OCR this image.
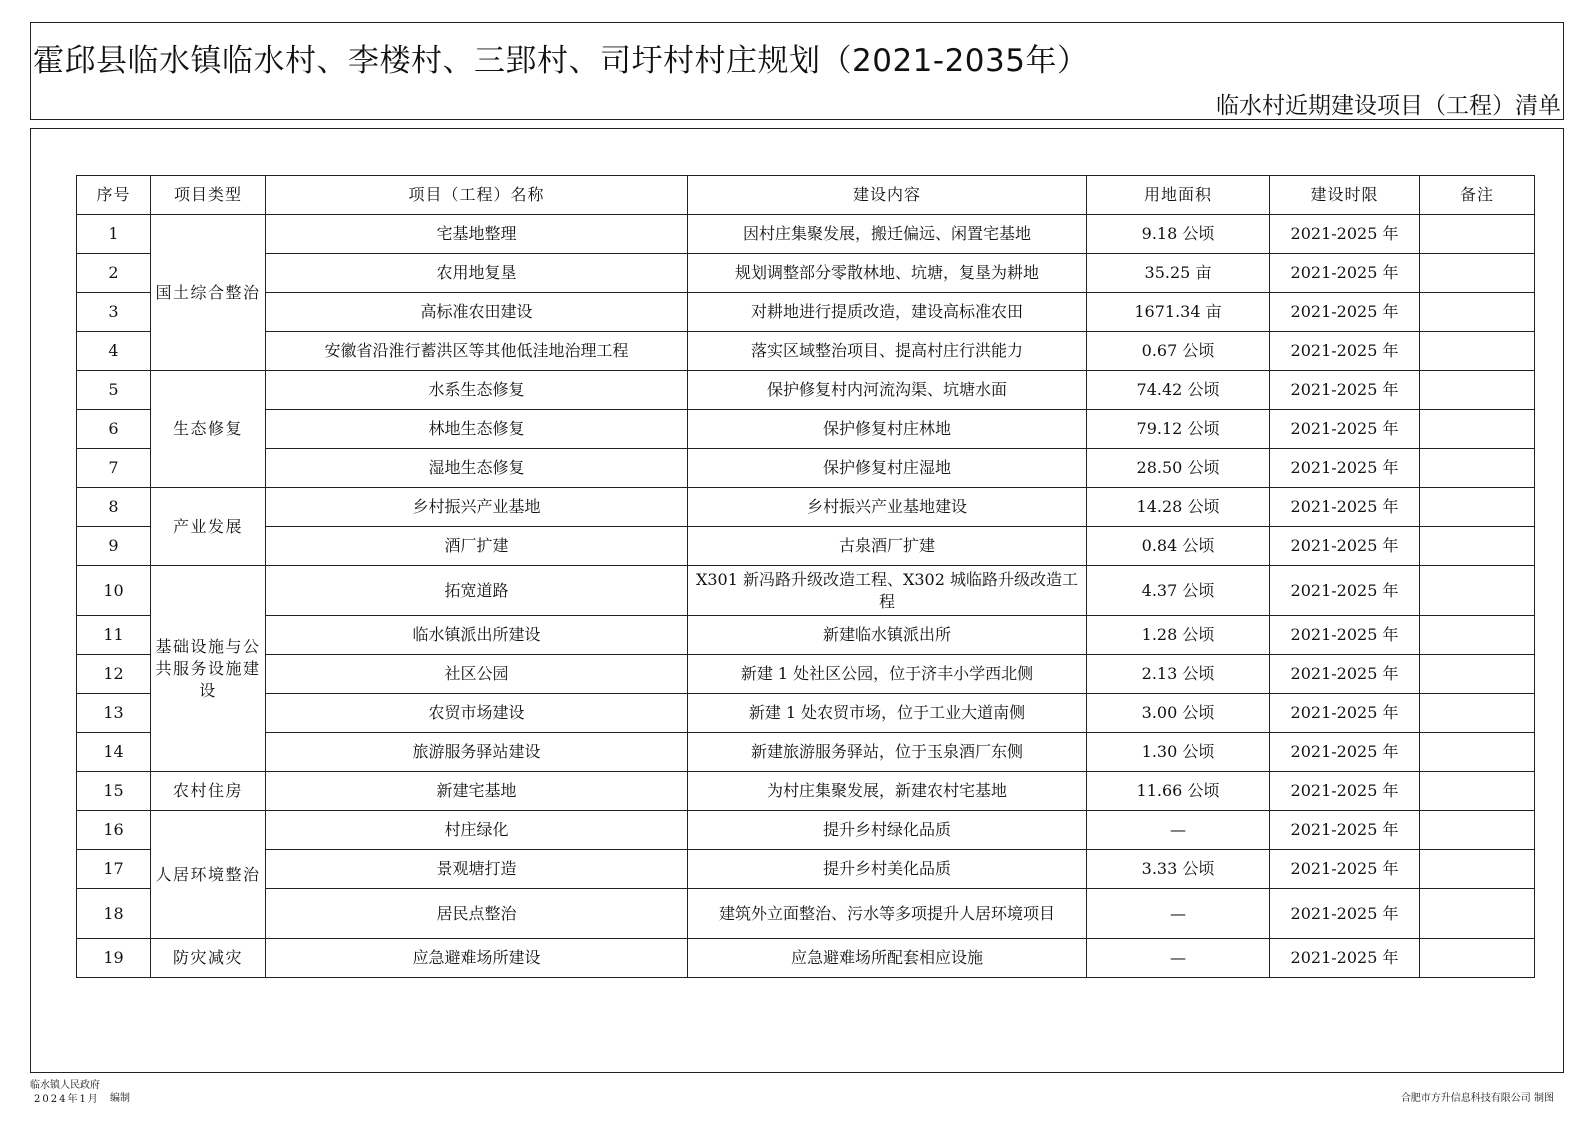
霍邱县临水镇临水村、李楼村、三郢村、司圩村村庄规划（2021-2035年）
临水村近期建设项目（工程）清单
序号	项目类型	项目（工程）名称	建设内容	用地面积	建设时限	备注
1	国土综合整治	宅基地整理	因村庄集聚发展，搬迁偏远、闲置宅基地	9.18 公顷	2021-2025 年	
2		农用地复垦	规划调整部分零散林地、坑塘，复垦为耕地	35.25 亩	2021-2025 年	
3		高标准农田建设	对耕地进行提质改造，建设高标准农田	1671.34 亩	2021-2025 年	
4		安徽省沿淮行蓄洪区等其他低洼地治理工程	落实区域整治项目、提高村庄行洪能力	0.67 公顷	2021-2025 年	
5	生态修复	水系生态修复	保护修复村内河流沟渠、坑塘水面	74.42 公顷	2021-2025 年	
6		林地生态修复	保护修复村庄林地	79.12 公顷	2021-2025 年	
7		湿地生态修复	保护修复村庄湿地	28.50 公顷	2021-2025 年	
8	产业发展	乡村振兴产业基地	乡村振兴产业基地建设	14.28 公顷	2021-2025 年	
9		酒厂扩建	古泉酒厂扩建	0.84 公顷	2021-2025 年	
10	基础设施与公共服务设施建设	拓宽道路	X301 新冯路升级改造工程、X302 城临路升级改造工程	4.37 公顷	2021-2025 年	
11		临水镇派出所建设	新建临水镇派出所	1.28 公顷	2021-2025 年	
12		社区公园	新建 1 处社区公园，位于济丰小学西北侧	2.13 公顷	2021-2025 年	
13		农贸市场建设	新建 1 处农贸市场，位于工业大道南侧	3.00 公顷	2021-2025 年	
14		旅游服务驿站建设	新建旅游服务驿站，位于玉泉酒厂东侧	1.30 公顷	2021-2025 年	
15	农村住房	新建宅基地	为村庄集聚发展，新建农村宅基地	11.66 公顷	2021-2025 年	
16	人居环境整治	村庄绿化	提升乡村绿化品质	—	2021-2025 年	
17		景观塘打造	提升乡村美化品质	3.33 公顷	2021-2025 年	
18		居民点整治	建筑外立面整治、污水等多项提升人居环境项目	—	2021-2025 年	
19	防灾减灾	应急避难场所建设	应急避难场所配套相应设施	—	2021-2025 年	
临水镇人民政府
2024年1月 编制	合肥市方升信息科技有限公司 制图
